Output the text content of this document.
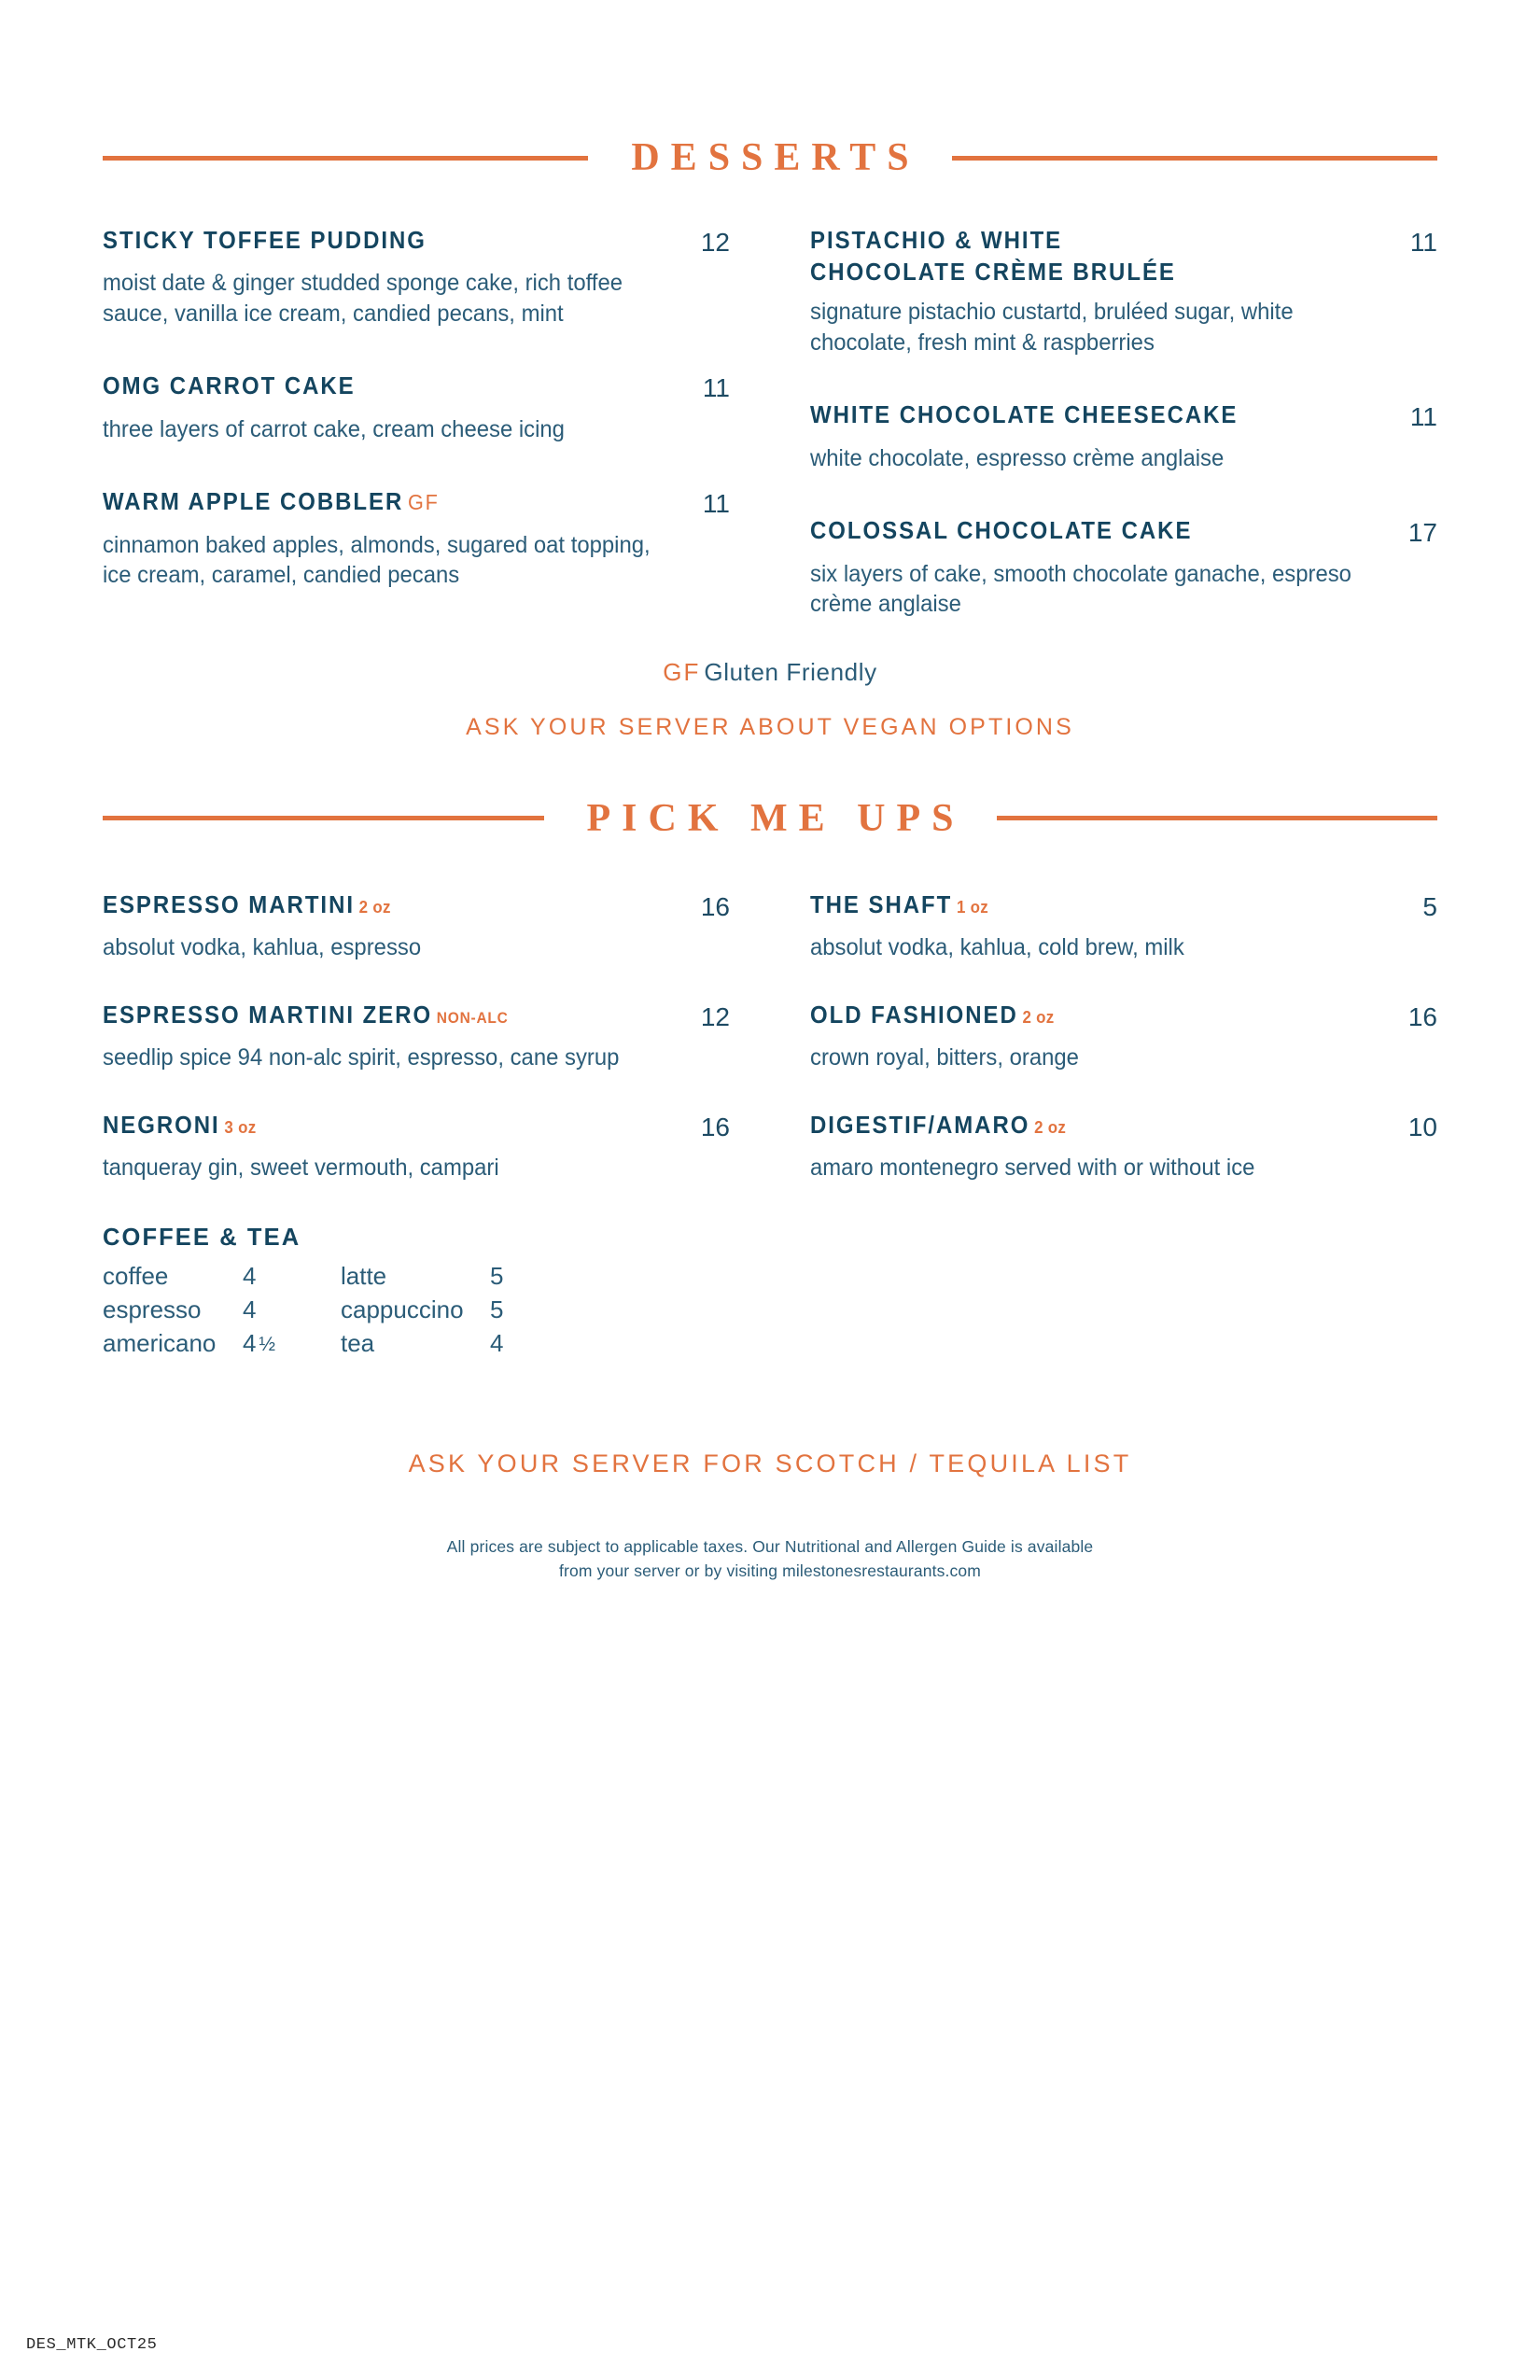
DESSERTS
STICKY TOFFEE PUDDING	12
moist date & ginger studded sponge cake, rich toffee sauce, vanilla ice cream, candied pecans, mint
OMG CARROT CAKE	11
three layers of carrot cake, cream cheese icing
WARM APPLE COBBLER GF	11
cinnamon baked apples, almonds, sugared oat topping, ice cream, caramel, candied pecans
PISTACHIO & WHITE CHOCOLATE CRÈME BRULÉE
11
signature pistachio custartd, bruléed sugar, white chocolate, fresh mint & raspberries
WHITE CHOCOLATE CHEESECAKE	11
white chocolate, espresso crème anglaise
COLOSSAL CHOCOLATE CAKE	17
six layers of cake, smooth chocolate ganache, espreso crème anglaise
GF Gluten Friendly
ASK YOUR SERVER ABOUT VEGAN OPTIONS
PICK ME UPS
ESPRESSO MARTINI 2 oz	16
absolut vodka, kahlua, espresso
ESPRESSO MARTINI ZERO NON-ALC	12
seedlip spice 94 non-alc spirit, espresso, cane syrup
NEGRONI 3 oz	16
tanqueray gin, sweet vermouth, campari
COFFEE & TEA
coffee	4	latte	5
espresso	4	cappuccino	5
americano	4 ½	tea	4
THE SHAFT 1 oz	5
absolut vodka, kahlua, cold brew, milk
OLD FASHIONED 2 oz	16
crown royal, bitters, orange
DIGESTIF/AMARO 2 oz	10
amaro montenegro served with or without ice
ASK YOUR SERVER FOR SCOTCH / TEQUILA LIST
All prices are subject to applicable taxes. Our Nutritional and Allergen Guide is available
from your server or by visiting milestonesrestaurants.com
DES_MTK_OCT25
